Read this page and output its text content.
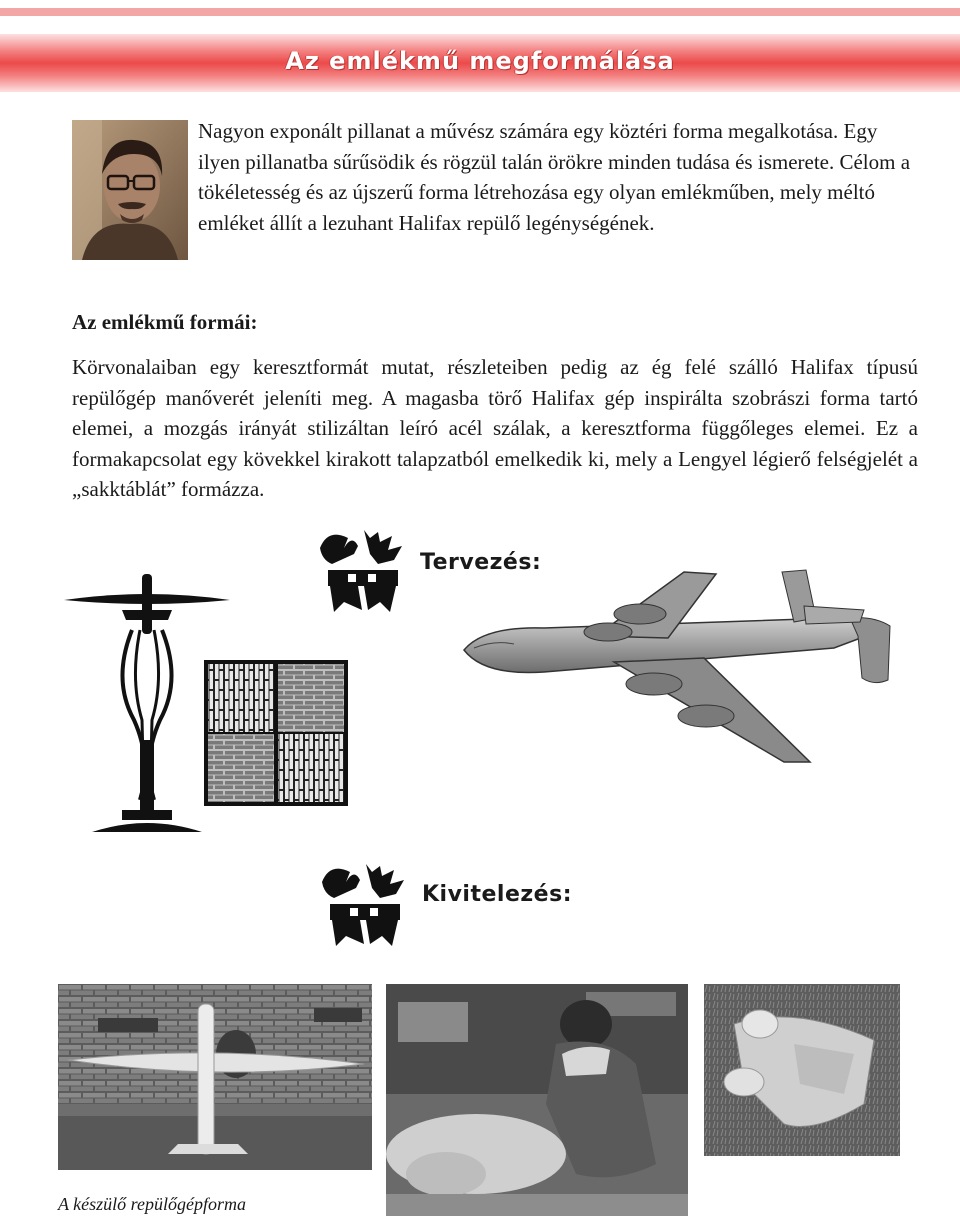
Az emlékmű megformálása

Nagyon exponált pillanat a művész számára egy köztéri forma megalkotása. Egy ilyen pillanatba sűrűsödik és rögzül talán örökre minden tudása és ismerete. Célom a tökéletesség és az újszerű forma létrehozása egy olyan emlékműben, mely méltó emléket állít a lezuhant Halifax repülő legénységének.

Az emlékmű formái:

Körvonalaiban egy keresztformát mutat, részleteiben pedig az ég felé szálló Halifax típusú repülőgép manőverét jeleníti meg. A magasba törő Halifax gép inspirálta szobrászi forma tartó elemei, a mozgás irányát stilizáltan leíró acél szálak, a keresztforma függőleges elemei. Ez a formakapcsolat egy kövekkel kirakott talapzatból emelkedik ki, mely a Lengyel légierő felségjelét a „sakktáblát” formázza.

Tervezés:
Kivitelezés:

A készülő repülőgépforma
